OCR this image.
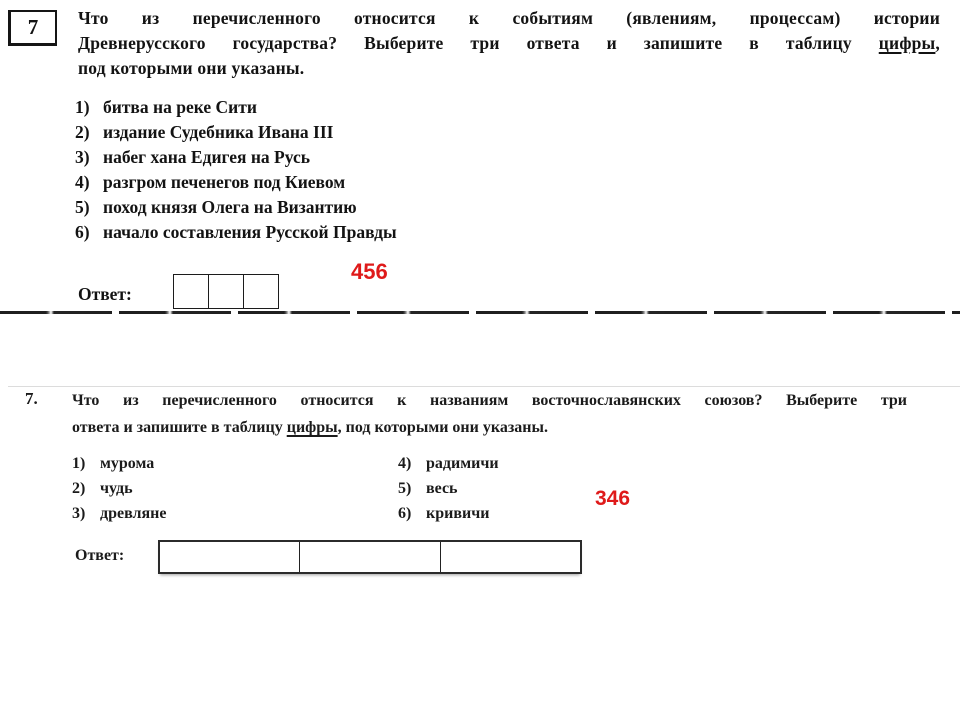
7 Что из перечисленного относится к событиям (явлениям, процессам) истории
Древнерусского государства? Выберите три ответа и запишите в таблицу цифры,
под которыми они указаны.
1) битва на реке Сити
2) издание Судебника Ивана III
3) набег хана Едигея на Русь
4) разгром печенегов под Киевом
5) поход князя Олега на Византию
6) начало составления Русской Правды
Ответ:
456
7. Что из перечисленного относится к названиям восточнославянских союзов? Выберите три
ответа и запишите в таблицу цифры, под которыми они указаны.
1) мурома
2) чудь
3) древляне
4) радимичи
5) весь
6) кривичи
346
Ответ:
